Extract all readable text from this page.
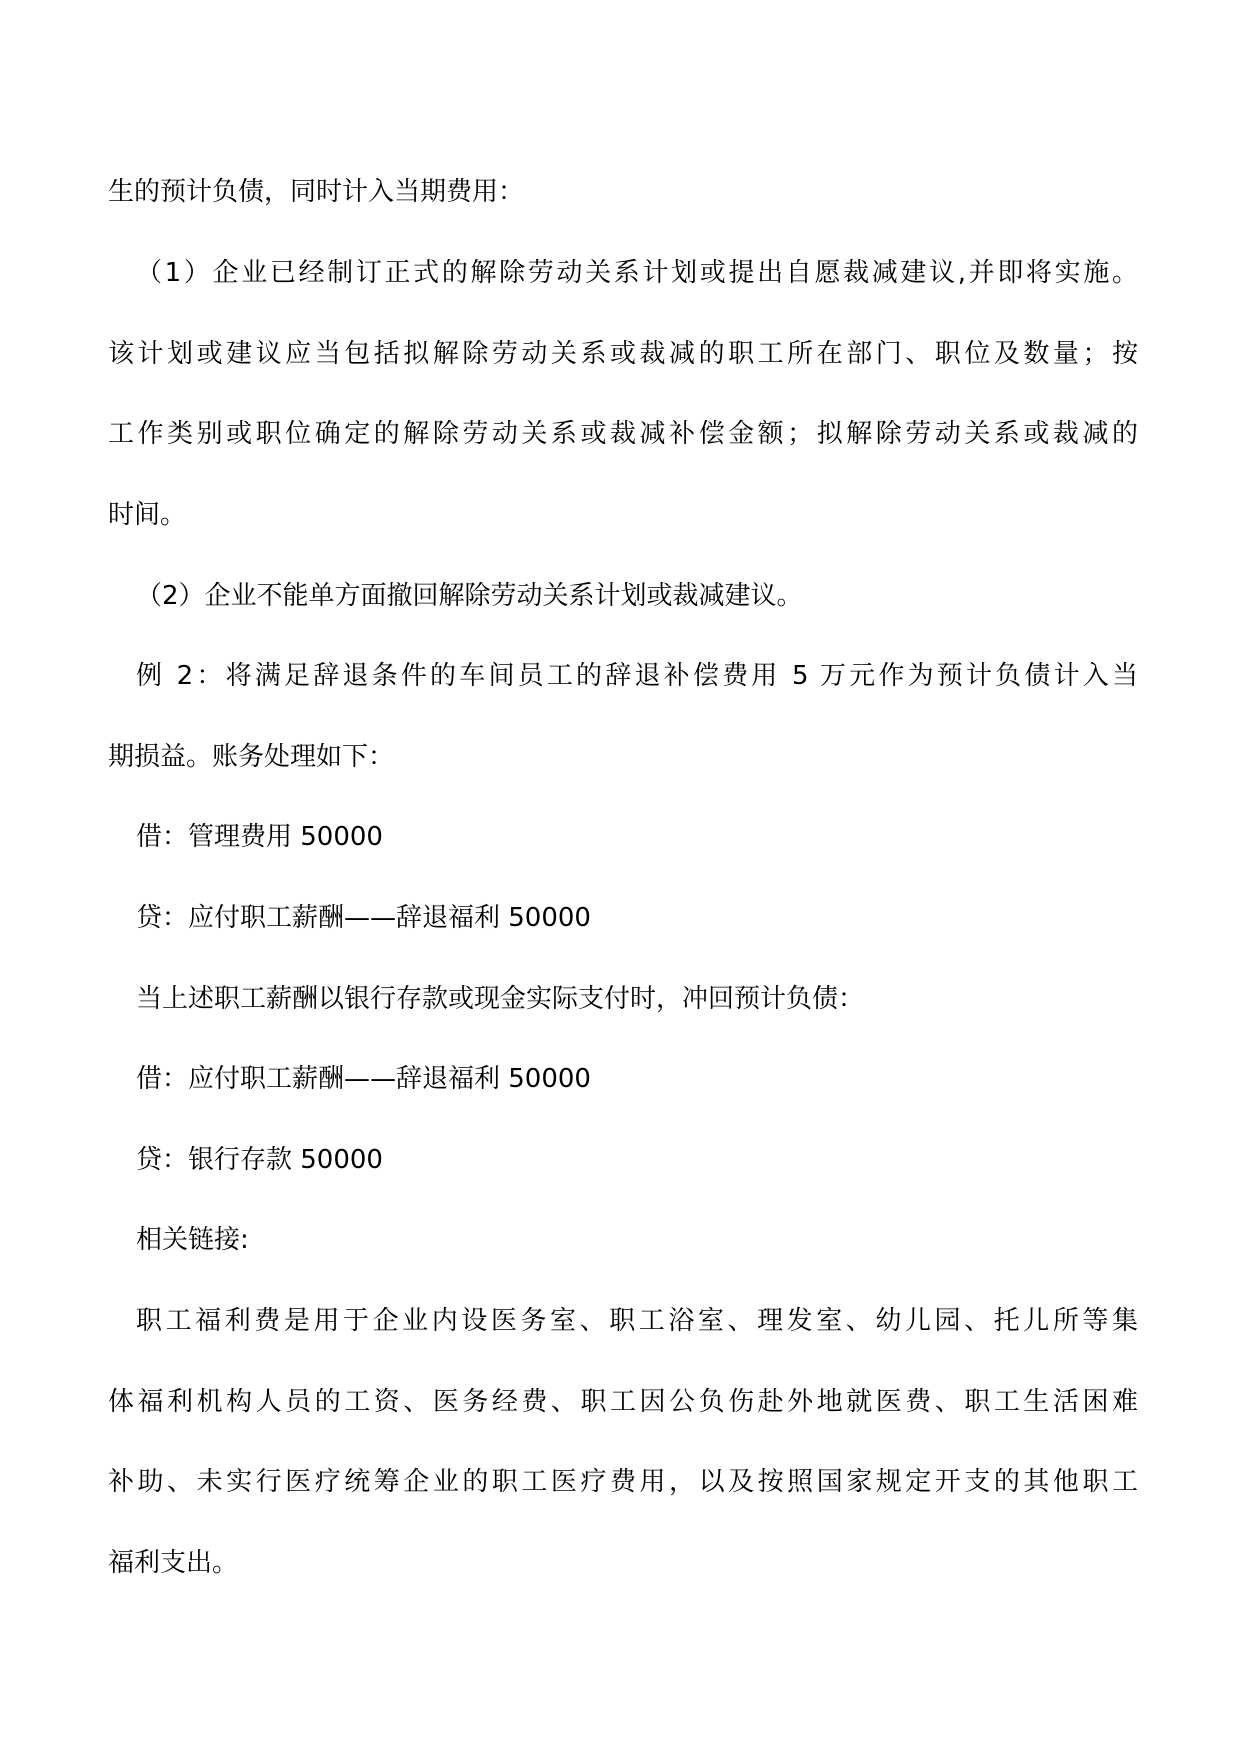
生的预计负债，同时计入当期费用：
（1）企业已经制订正式的解除劳动关系计划或提出自愿裁减建议,并即将实施。
该计划或建议应当包括拟解除劳动关系或裁减的职工所在部门、职位及数量；按
工作类别或职位确定的解除劳动关系或裁减补偿金额；拟解除劳动关系或裁减的
时间。
（2）企业不能单方面撤回解除劳动关系计划或裁减建议。
例 2：将满足辞退条件的车间员工的辞退补偿费用 5 万元作为预计负债计入当
期损益。账务处理如下：
借：管理费用 50000
贷：应付职工薪酬——辞退福利 50000
当上述职工薪酬以银行存款或现金实际支付时，冲回预计负债：
借：应付职工薪酬——辞退福利 50000
贷：银行存款 50000
相关链接:
职工福利费是用于企业内设医务室、职工浴室、理发室、幼儿园、托儿所等集
体福利机构人员的工资、医务经费、职工因公负伤赴外地就医费、职工生活困难
补助、未实行医疗统筹企业的职工医疗费用，以及按照国家规定开支的其他职工
福利支出。
